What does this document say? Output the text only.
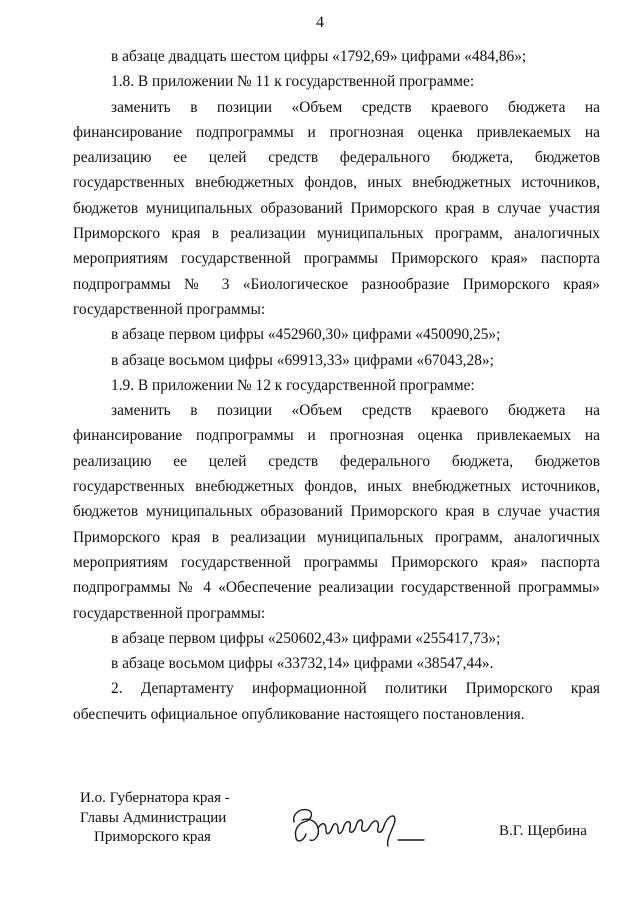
4

в абзаце двадцать шестом цифры «1792,69» цифрами «484,86»;

1.8. В приложении № 11 к государственной программе:

заменить в позиции «Объем средств краевого бюджета на финансирование подпрограммы и прогнозная оценка привлекаемых на реализацию ее целей средств федерального бюджета, бюджетов государственных внебюджетных фондов, иных внебюджетных источников, бюджетов муниципальных образований Приморского края в случае участия Приморского края в реализации муниципальных программ, аналогичных мероприятиям государственной программы Приморского края» паспорта подпрограммы № 3 «Биологическое разнообразие Приморского края» государственной программы:

в абзаце первом цифры «452960,30» цифрами «450090,25»;

в абзаце восьмом цифры «69913,33» цифрами «67043,28»;

1.9. В приложении № 12 к государственной программе:

заменить в позиции «Объем средств краевого бюджета на финансирование подпрограммы и прогнозная оценка привлекаемых на реализацию ее целей средств федерального бюджета, бюджетов государственных внебюджетных фондов, иных внебюджетных источников, бюджетов муниципальных образований Приморского края в случае участия Приморского края в реализации муниципальных программ, аналогичных мероприятиям государственной программы Приморского края» паспорта подпрограммы № 4 «Обеспечение реализации государственной программы» государственной программы:

в абзаце первом цифры «250602,43» цифрами «255417,73»;

в абзаце восьмом цифры «33732,14» цифрами «38547,44».

2. Департаменту информационной политики Приморского края обеспечить официальное опубликование настоящего постановления.

И.о. Губернатора края -
Главы Администрации
Приморского края	В.Г. Щербина
